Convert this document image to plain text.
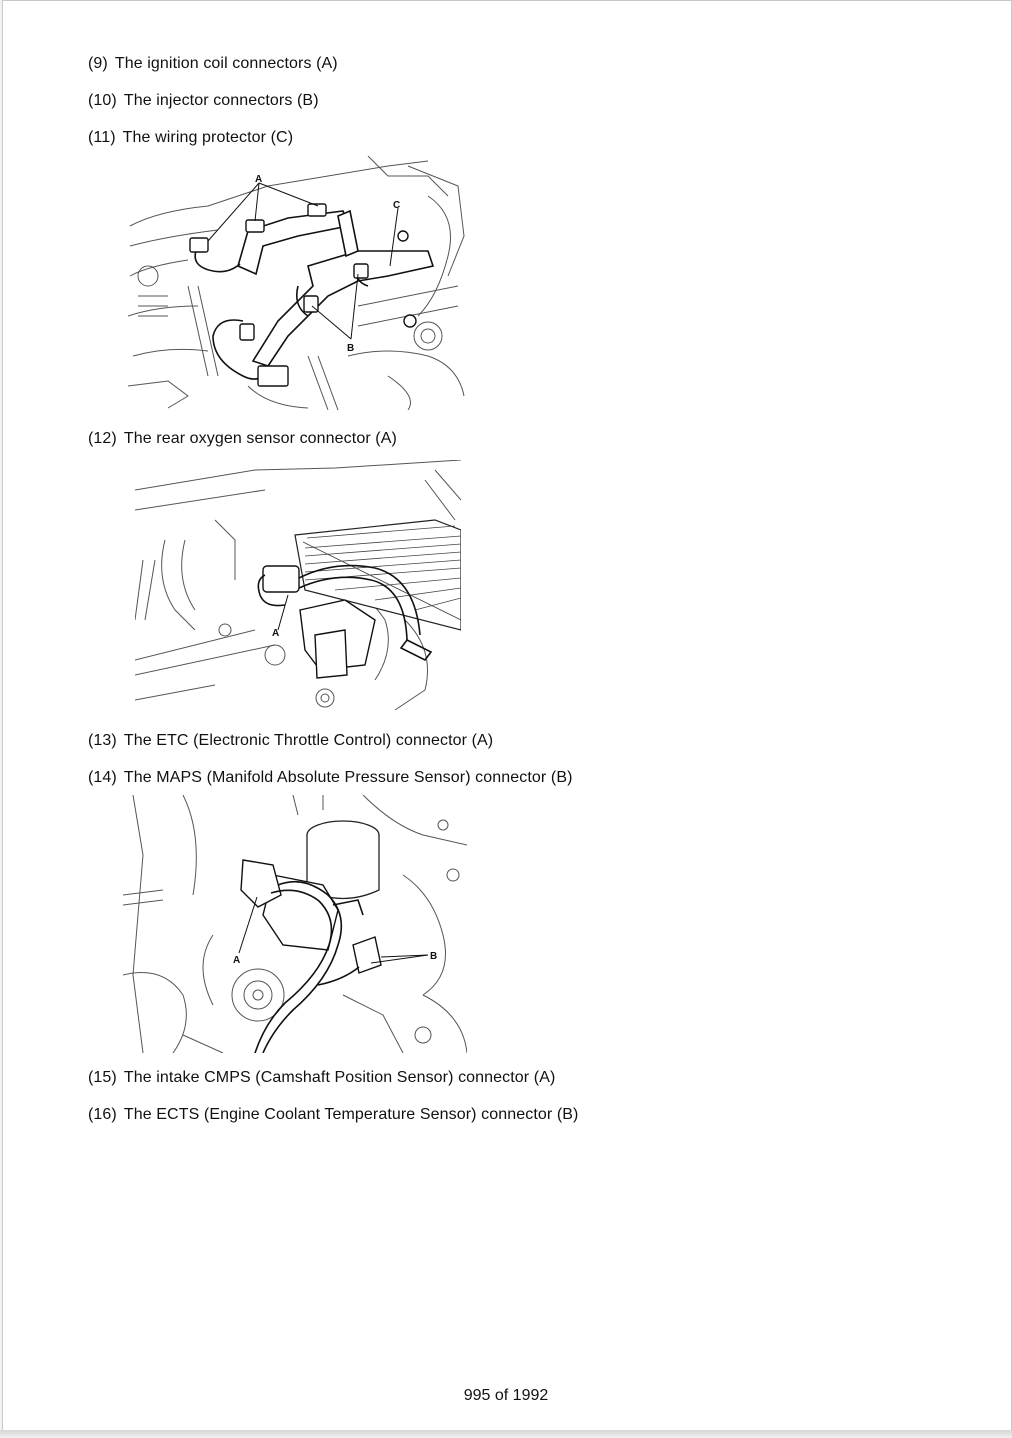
(9) The ignition coil connectors (A)
(10) The injector connectors (B)
(11) The wiring protector (C)
A
B
C
(12) The rear oxygen sensor connector (A)
A
(13) The ETC (Electronic Throttle Control) connector (A)
(14) The MAPS (Manifold Absolute Pressure Sensor) connector (B)
A	B
(15) The intake CMPS (Camshaft Position Sensor) connector (A)
(16) The ECTS (Engine Coolant Temperature Sensor) connector (B)
995 of 1992
